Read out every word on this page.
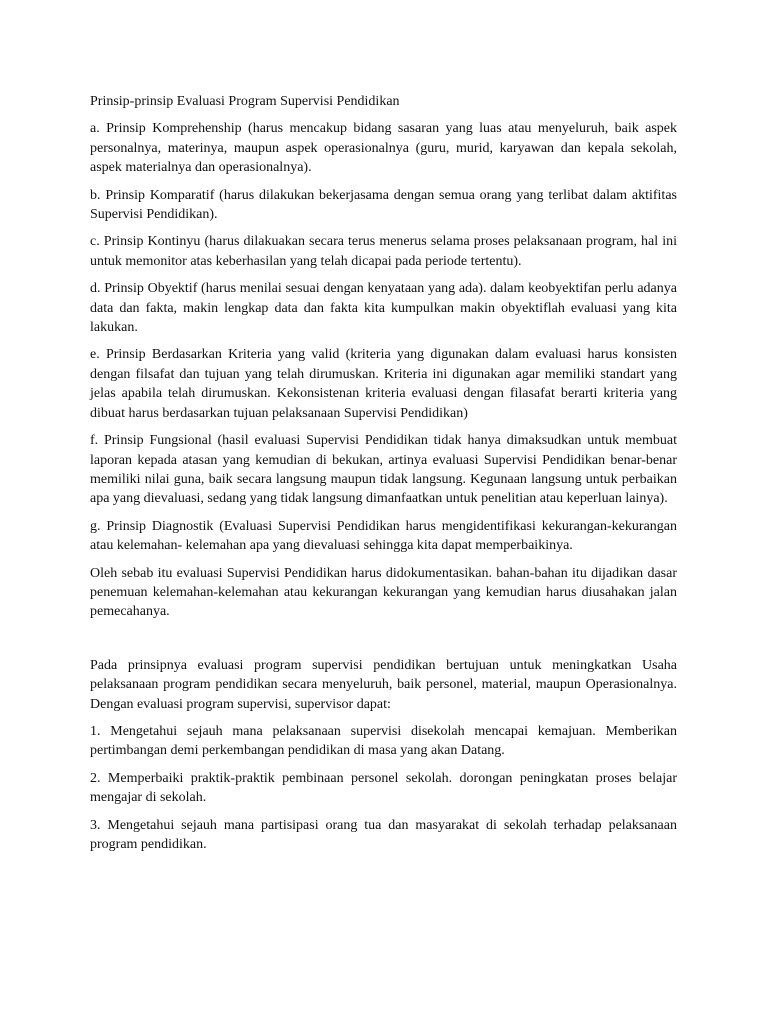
Prinsip-prinsip Evaluasi Program Supervisi Pendidikan

a. Prinsip Komprehenship (harus mencakup bidang sasaran yang luas atau menyeluruh, baik aspek personalnya, materinya, maupun aspek operasionalnya (guru, murid, karyawan dan kepala sekolah, aspek materialnya dan operasionalnya).

b. Prinsip Komparatif (harus dilakukan bekerjasama dengan semua orang yang terlibat dalam aktifitas Supervisi Pendidikan).

c. Prinsip Kontinyu (harus dilakuakan secara terus menerus selama proses pelaksanaan program, hal ini untuk memonitor atas keberhasilan yang telah dicapai pada periode tertentu).

d. Prinsip Obyektif (harus menilai sesuai dengan kenyataan yang ada). dalam keobyektifan perlu adanya data dan fakta, makin lengkap data dan fakta kita kumpulkan makin obyektiflah evaluasi yang kita lakukan.

e. Prinsip Berdasarkan Kriteria yang valid (kriteria yang digunakan dalam evaluasi harus konsisten dengan filsafat dan tujuan yang telah dirumuskan. Kriteria ini digunakan agar memiliki standart yang jelas apabila telah dirumuskan. Kekonsistenan kriteria evaluasi dengan filasafat berarti kriteria yang dibuat harus berdasarkan tujuan pelaksanaan Supervisi Pendidikan)

f. Prinsip Fungsional (hasil evaluasi Supervisi Pendidikan tidak hanya dimaksudkan untuk membuat laporan kepada atasan yang kemudian di bekukan, artinya evaluasi Supervisi Pendidikan benar-benar memiliki nilai guna, baik secara langsung maupun tidak langsung. Kegunaan langsung untuk perbaikan apa yang dievaluasi, sedang yang tidak langsung dimanfaatkan untuk penelitian atau keperluan lainya).

g. Prinsip Diagnostik (Evaluasi Supervisi Pendidikan harus mengidentifikasi kekurangan-kekurangan atau kelemahan- kelemahan apa yang dievaluasi sehingga kita dapat memperbaikinya.

Oleh sebab itu evaluasi Supervisi Pendidikan harus didokumentasikan. bahan-bahan itu dijadikan dasar penemuan kelemahan-kelemahan atau kekurangan kekurangan yang kemudian harus diusahakan jalan pemecahanya.

Pada prinsipnya evaluasi program supervisi pendidikan bertujuan untuk meningkatkan Usaha pelaksanaan program pendidikan secara menyeluruh, baik personel, material, maupun Operasionalnya. Dengan evaluasi program supervisi, supervisor dapat:

1. Mengetahui sejauh mana pelaksanaan supervisi disekolah mencapai kemajuan. Memberikan pertimbangan demi perkembangan pendidikan di masa yang akan Datang.

2. Memperbaiki praktik-praktik pembinaan personel sekolah. dorongan peningkatan proses belajar mengajar di sekolah.

3. Mengetahui sejauh mana partisipasi orang tua dan masyarakat di sekolah terhadap pelaksanaan program pendidikan.
